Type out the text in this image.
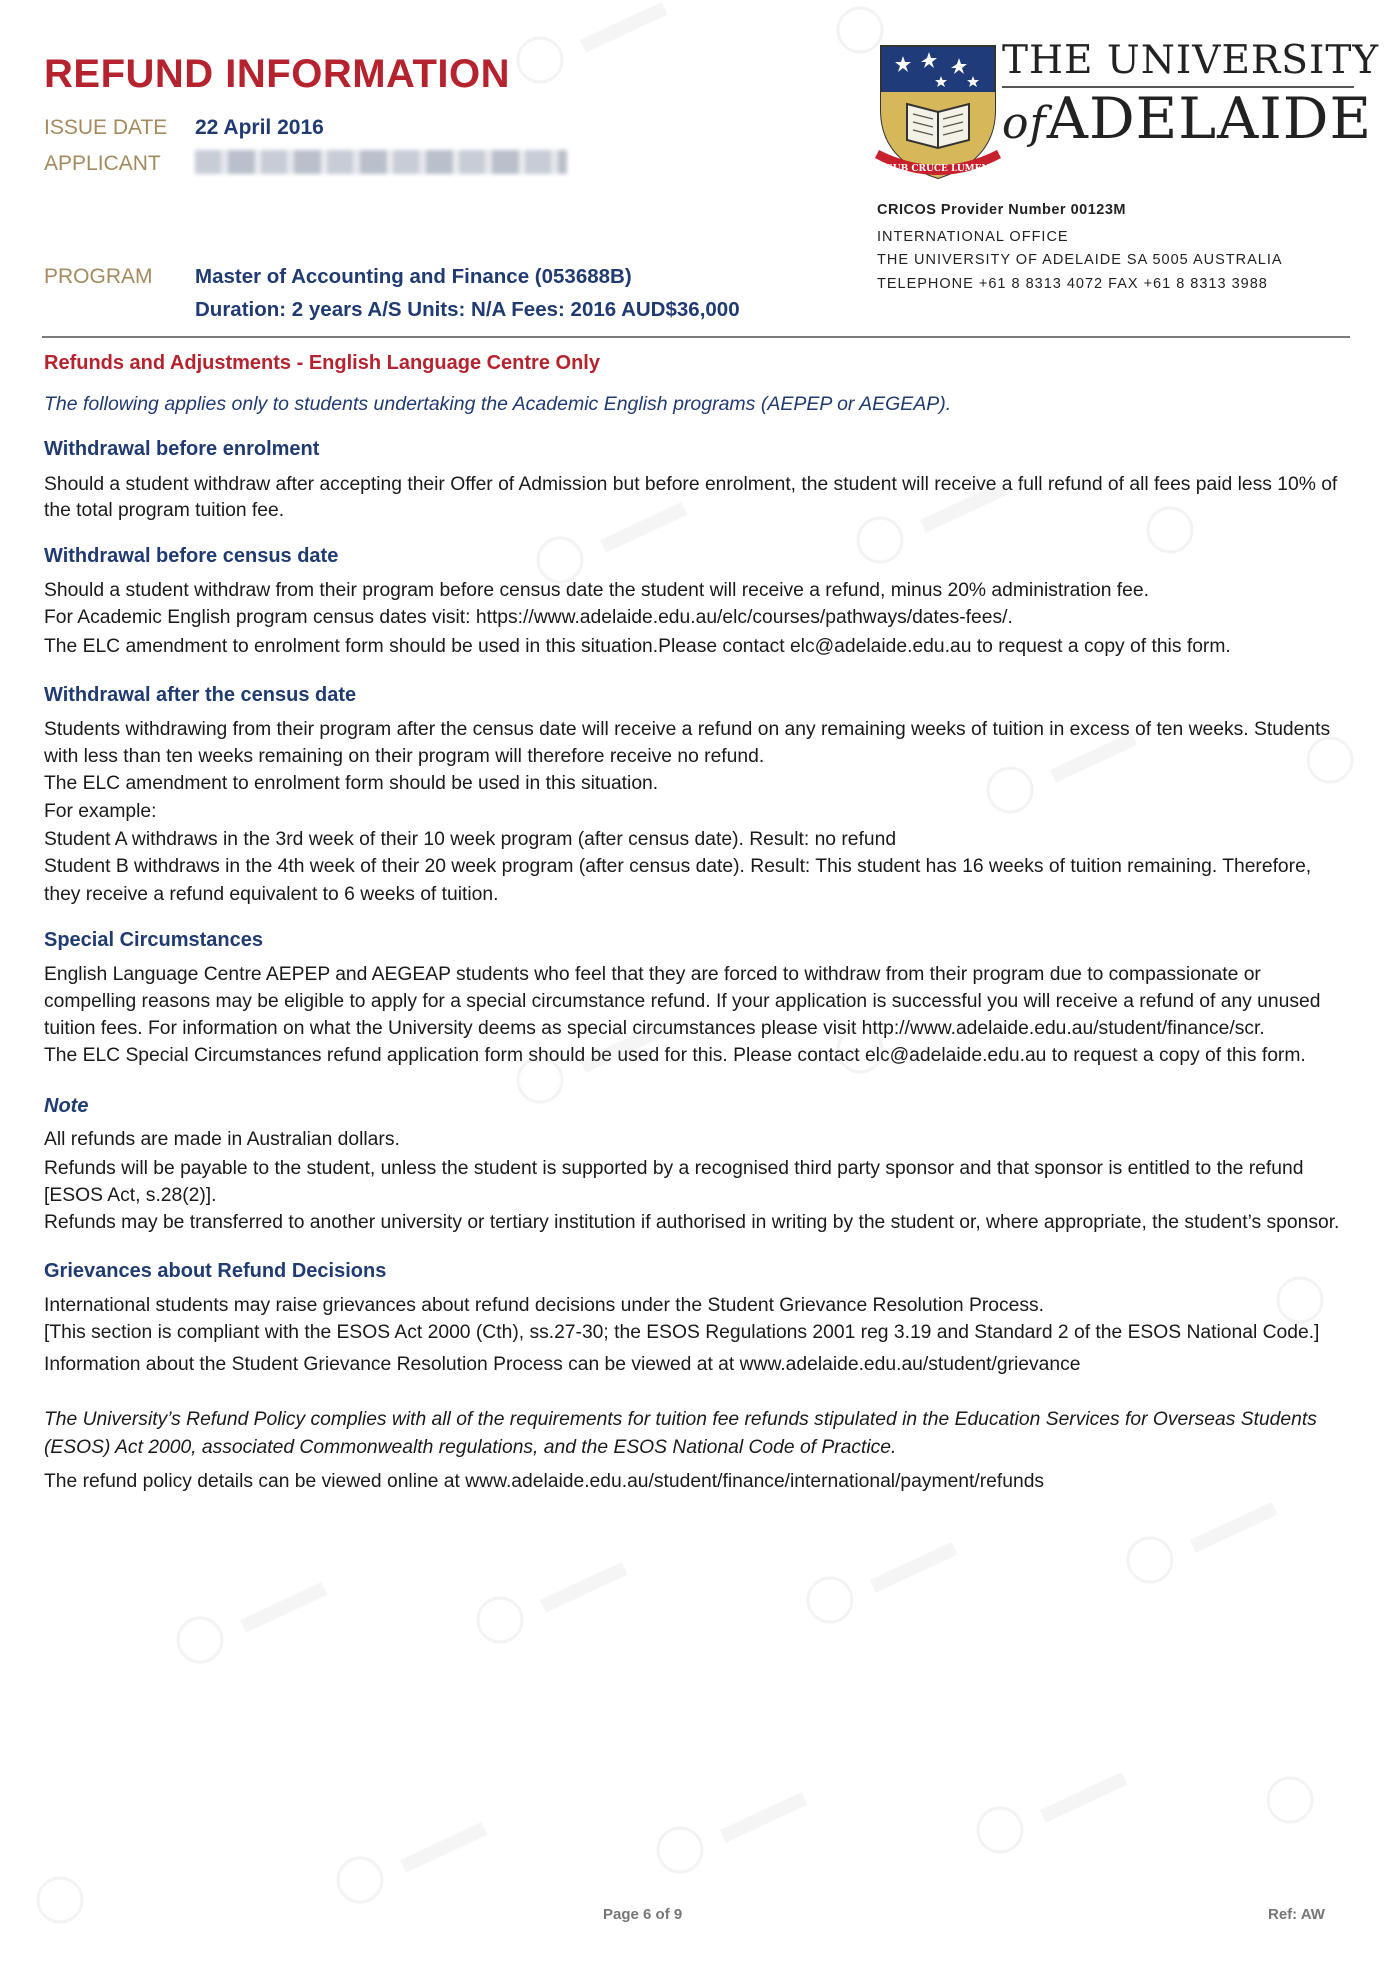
REFUND INFORMATION
ISSUE DATE 22 April 2016
APPLICANT	SUB CRUCE LUMEN
THE UNIVERSITY
ofADELAIDE
CRICOS Provider Number 00123M
INTERNATIONAL OFFICE
THE UNIVERSITY OF ADELAIDE SA 5005 AUSTRALIA
TELEPHONE +61 8 8313 4072 FAX +61 8 8313 3988
PROGRAM Master of Accounting and Finance (053688B)
Duration: 2 years A/S Units: N/A Fees: 2016 AUD$36,000
Refunds and Adjustments - English Language Centre Only
The following applies only to students undertaking the Academic English programs (AEPEP or AEGEAP).
Withdrawal before enrolment
Should a student withdraw after accepting their Offer of Admission but before enrolment, the student will receive a full refund of all fees paid less 10% of
the total program tuition fee.
Withdrawal before census date
Should a student withdraw from their program before census date the student will receive a refund, minus 20% administration fee.
For Academic English program census dates visit: https://www.adelaide.edu.au/elc/courses/pathways/dates-fees/.
The ELC amendment to enrolment form should be used in this situation.Please contact elc@adelaide.edu.au to request a copy of this form.
Withdrawal after the census date
Students withdrawing from their program after the census date will receive a refund on any remaining weeks of tuition in excess of ten weeks. Students
with less than ten weeks remaining on their program will therefore receive no refund.
The ELC amendment to enrolment form should be used in this situation.
For example:
Student A withdraws in the 3rd week of their 10 week program (after census date). Result: no refund
Student B withdraws in the 4th week of their 20 week program (after census date). Result: This student has 16 weeks of tuition remaining. Therefore,
they receive a refund equivalent to 6 weeks of tuition.
Special Circumstances
English Language Centre AEPEP and AEGEAP students who feel that they are forced to withdraw from their program due to compassionate or
compelling reasons may be eligible to apply for a special circumstance refund. If your application is successful you will receive a refund of any unused
tuition fees. For information on what the University deems as special circumstances please visit http://www.adelaide.edu.au/student/finance/scr.
The ELC Special Circumstances refund application form should be used for this. Please contact elc@adelaide.edu.au to request a copy of this form.
Note
All refunds are made in Australian dollars.
Refunds will be payable to the student, unless the student is supported by a recognised third party sponsor and that sponsor is entitled to the refund
[ESOS Act, s.28(2)].
Refunds may be transferred to another university or tertiary institution if authorised in writing by the student or, where appropriate, the student’s sponsor.
Grievances about Refund Decisions
International students may raise grievances about refund decisions under the Student Grievance Resolution Process.
[This section is compliant with the ESOS Act 2000 (Cth), ss.27-30; the ESOS Regulations 2001 reg 3.19 and Standard 2 of the ESOS National Code.]
Information about the Student Grievance Resolution Process can be viewed at at www.adelaide.edu.au/student/grievance
The University’s Refund Policy complies with all of the requirements for tuition fee refunds stipulated in the Education Services for Overseas Students
(ESOS) Act 2000, associated Commonwealth regulations, and the ESOS National Code of Practice.
The refund policy details can be viewed online at www.adelaide.edu.au/student/finance/international/payment/refunds
Page 6 of 9	Ref: AW
